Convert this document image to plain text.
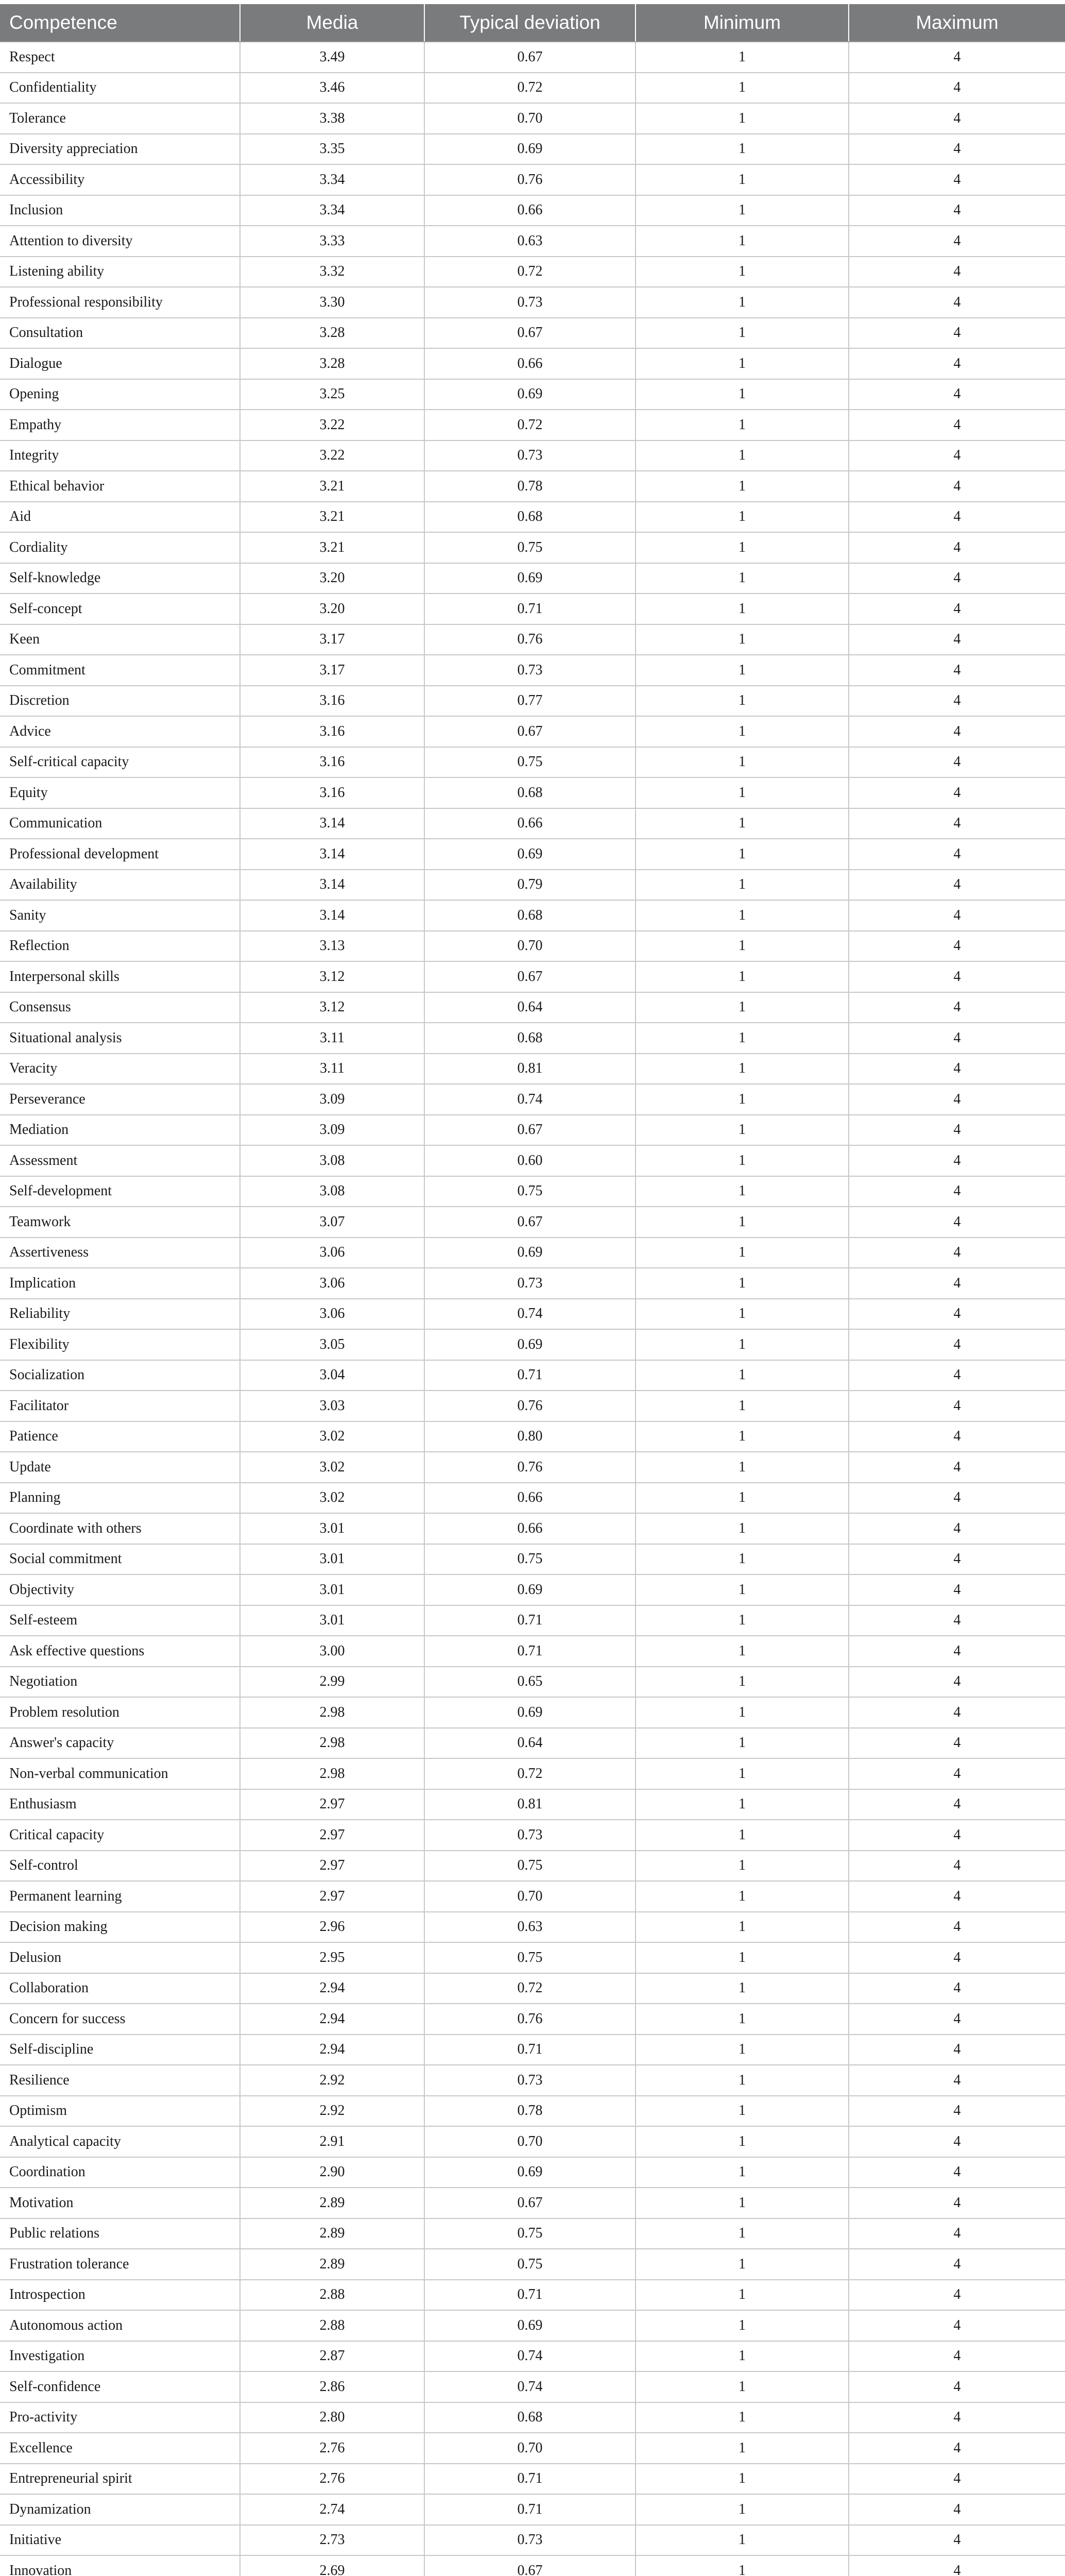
Competence	Media	Typical deviation	Minimum	Maximum
Respect	3.49	0.67	1	4
Confidentiality	3.46	0.72	1	4
Tolerance	3.38	0.70	1	4
Diversity appreciation	3.35	0.69	1	4
Accessibility	3.34	0.76	1	4
Inclusion	3.34	0.66	1	4
Attention to diversity	3.33	0.63	1	4
Listening ability	3.32	0.72	1	4
Professional responsibility	3.30	0.73	1	4
Consultation	3.28	0.67	1	4
Dialogue	3.28	0.66	1	4
Opening	3.25	0.69	1	4
Empathy	3.22	0.72	1	4
Integrity	3.22	0.73	1	4
Ethical behavior	3.21	0.78	1	4
Aid	3.21	0.68	1	4
Cordiality	3.21	0.75	1	4
Self-knowledge	3.20	0.69	1	4
Self-concept	3.20	0.71	1	4
Keen	3.17	0.76	1	4
Commitment	3.17	0.73	1	4
Discretion	3.16	0.77	1	4
Advice	3.16	0.67	1	4
Self-critical capacity	3.16	0.75	1	4
Equity	3.16	0.68	1	4
Communication	3.14	0.66	1	4
Professional development	3.14	0.69	1	4
Availability	3.14	0.79	1	4
Sanity	3.14	0.68	1	4
Reflection	3.13	0.70	1	4
Interpersonal skills	3.12	0.67	1	4
Consensus	3.12	0.64	1	4
Situational analysis	3.11	0.68	1	4
Veracity	3.11	0.81	1	4
Perseverance	3.09	0.74	1	4
Mediation	3.09	0.67	1	4
Assessment	3.08	0.60	1	4
Self-development	3.08	0.75	1	4
Teamwork	3.07	0.67	1	4
Assertiveness	3.06	0.69	1	4
Implication	3.06	0.73	1	4
Reliability	3.06	0.74	1	4
Flexibility	3.05	0.69	1	4
Socialization	3.04	0.71	1	4
Facilitator	3.03	0.76	1	4
Patience	3.02	0.80	1	4
Update	3.02	0.76	1	4
Planning	3.02	0.66	1	4
Coordinate with others	3.01	0.66	1	4
Social commitment	3.01	0.75	1	4
Objectivity	3.01	0.69	1	4
Self-esteem	3.01	0.71	1	4
Ask effective questions	3.00	0.71	1	4
Negotiation	2.99	0.65	1	4
Problem resolution	2.98	0.69	1	4
Answer's capacity	2.98	0.64	1	4
Non-verbal communication	2.98	0.72	1	4
Enthusiasm	2.97	0.81	1	4
Critical capacity	2.97	0.73	1	4
Self-control	2.97	0.75	1	4
Permanent learning	2.97	0.70	1	4
Decision making	2.96	0.63	1	4
Delusion	2.95	0.75	1	4
Collaboration	2.94	0.72	1	4
Concern for success	2.94	0.76	1	4
Self-discipline	2.94	0.71	1	4
Resilience	2.92	0.73	1	4
Optimism	2.92	0.78	1	4
Analytical capacity	2.91	0.70	1	4
Coordination	2.90	0.69	1	4
Motivation	2.89	0.67	1	4
Public relations	2.89	0.75	1	4
Frustration tolerance	2.89	0.75	1	4
Introspection	2.88	0.71	1	4
Autonomous action	2.88	0.69	1	4
Investigation	2.87	0.74	1	4
Self-confidence	2.86	0.74	1	4
Pro-activity	2.80	0.68	1	4
Excellence	2.76	0.70	1	4
Entrepreneurial spirit	2.76	0.71	1	4
Dynamization	2.74	0.71	1	4
Initiative	2.73	0.73	1	4
Innovation	2.69	0.67	1	4
